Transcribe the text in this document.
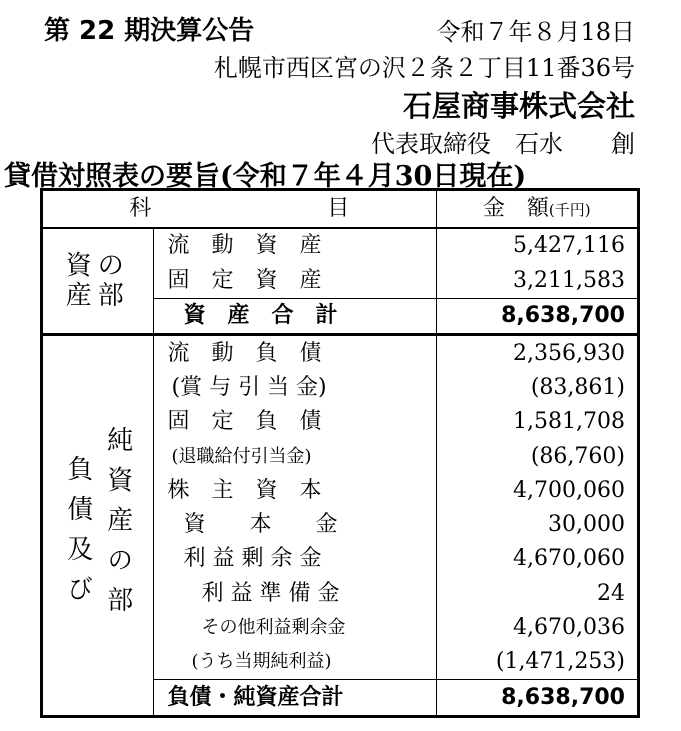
第 22 期決算公告	令和７年８月18日
札幌市西区宮の沢２条２丁目11番36号
石屋商事株式会社
代表取締役　石水　　創
貸借対照表の要旨(令和７年４月30日現在)
科　　　　　　　　目		金　額(千円)

資の
産部	流　動　資　産	5,427,116
	固　定　資　産	3,211,583
	資　産　合　計	8,638,700

負債及び 純資産の部	流　動　負　債	2,356,930
	(賞 与 引 当 金)	(83,861)
	固　定　負　債	1,581,708
	(退職給付引当金)	(86,760)
	株　主　資　本	4,700,060
	資　　本　　金	30,000
	利 益 剰 余 金	4,670,060
	利 益 準 備 金	24
	その他利益剰余金	4,670,036
	(うち当期純利益)	(1,471,253)
	負債・純資産合計	8,638,700
